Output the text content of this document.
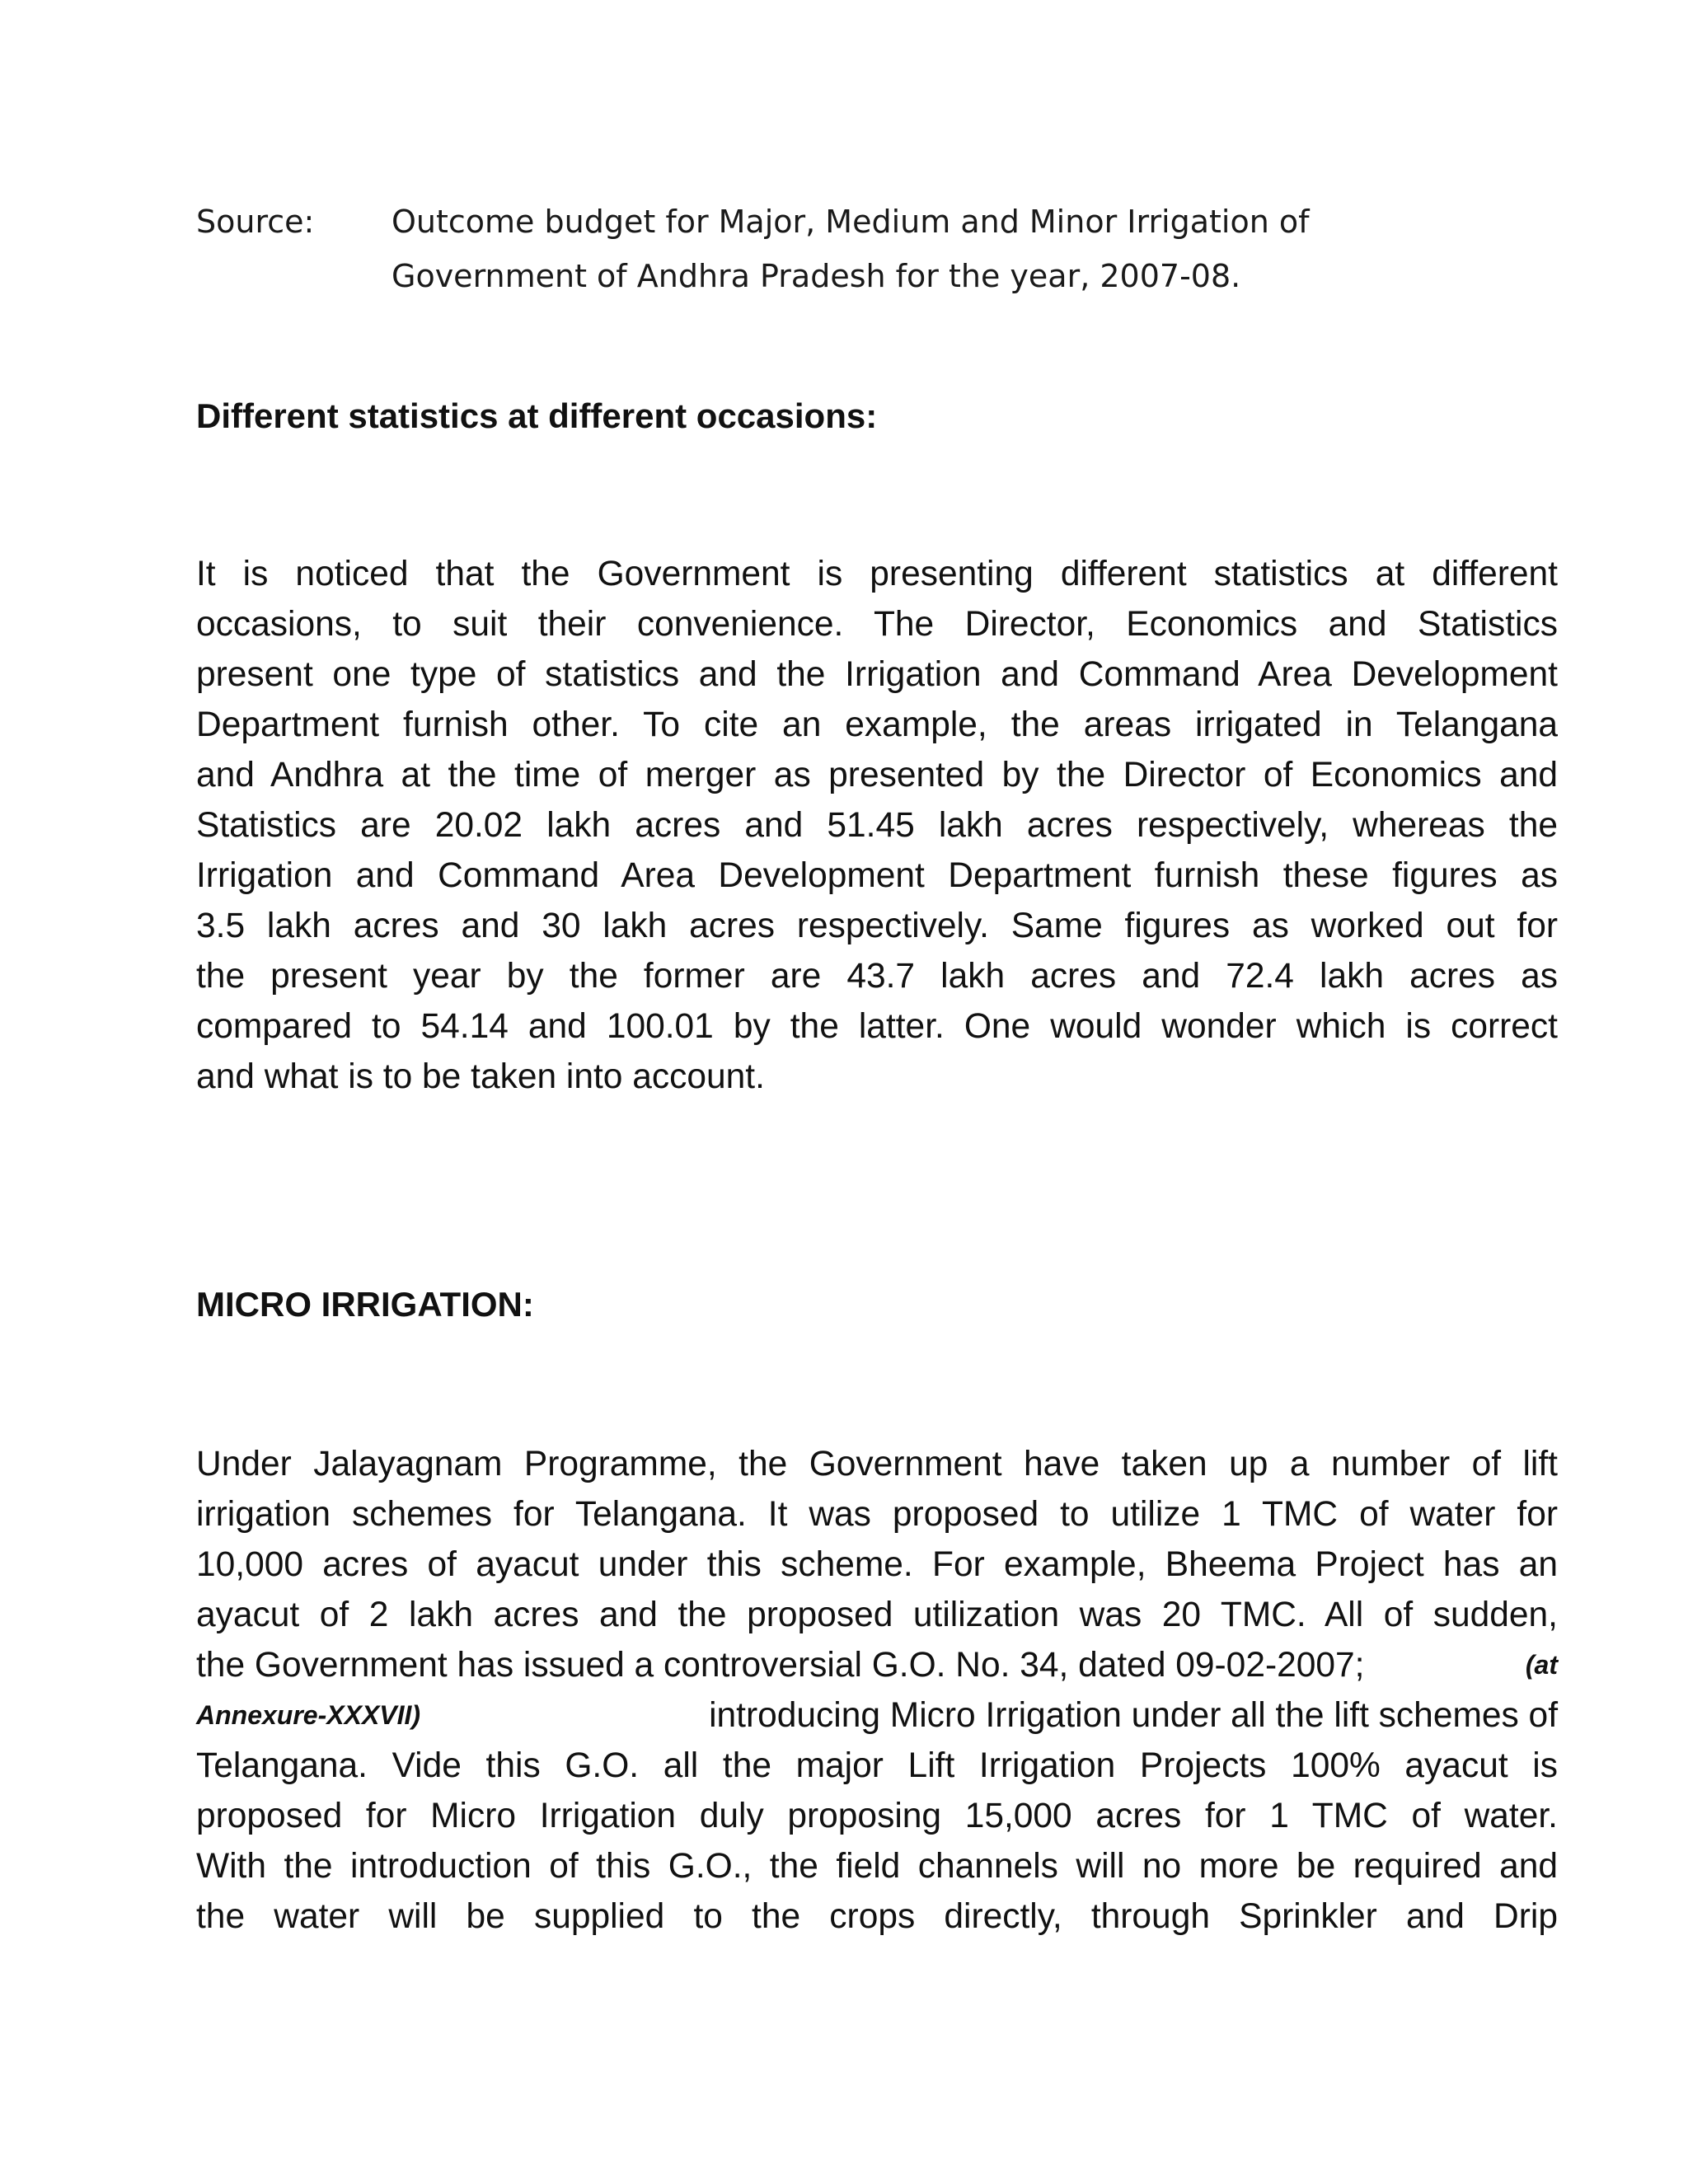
Source:	Outcome budget for Major, Medium and Minor Irrigation of
Government of Andhra Pradesh for the year, 2007-08.
Different statistics at different occasions:
It is noticed that the Government is presenting different statistics at different
occasions, to suit their convenience. The Director, Economics and Statistics
present one type of statistics and the Irrigation and Command Area Development
Department furnish other. To cite an example, the areas irrigated in Telangana
and Andhra at the time of merger as presented by the Director of Economics and
Statistics are 20.02 lakh acres and 51.45 lakh acres respectively, whereas the
Irrigation and Command Area Development Department furnish these figures as
3.5 lakh acres and 30 lakh acres respectively. Same figures as worked out for
the present year by the former are 43.7 lakh acres and 72.4 lakh acres as
compared to 54.14 and 100.01 by the latter. One would wonder which is correct
and what is to be taken into account.
MICRO IRRIGATION:
Under Jalayagnam Programme, the Government have taken up a number of lift
irrigation schemes for Telangana. It was proposed to utilize 1 TMC of water for
10,000 acres of ayacut under this scheme. For example, Bheema Project has an
ayacut of 2 lakh acres and the proposed utilization was 20 TMC. All of sudden,
the Government has issued a controversial G.O. No. 34, dated 09-02-2007;	(at
Annexure-XXXVII)	introducing Micro Irrigation under all the lift schemes of
Telangana. Vide this G.O. all the major Lift Irrigation Projects 100% ayacut is
proposed for Micro Irrigation duly proposing 15,000 acres for 1 TMC of water.
With the introduction of this G.O., the field channels will no more be required and
the water will be supplied to the crops directly, through Sprinkler and Drip
